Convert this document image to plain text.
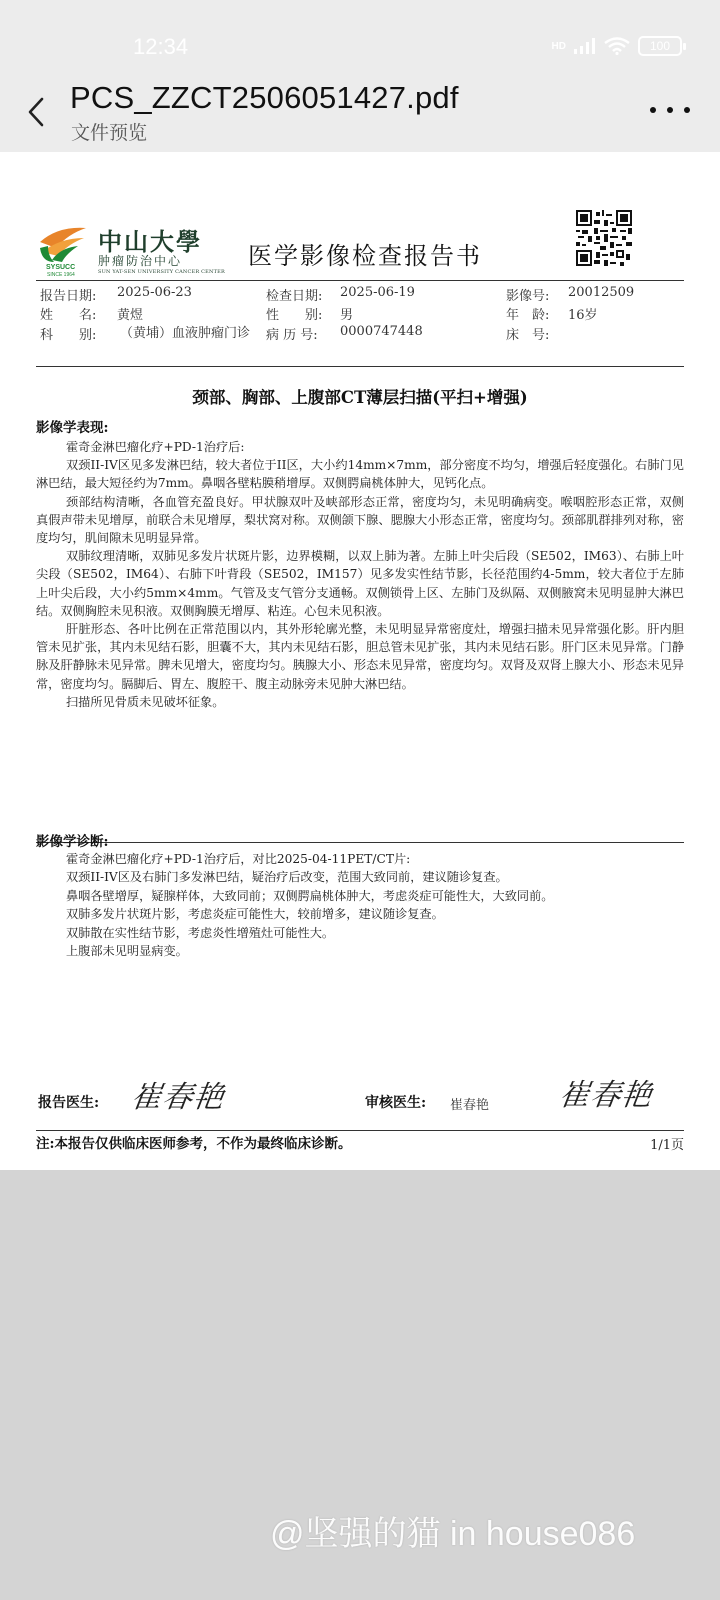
12:34	HD	100
PCS_ZZCT2506051427.pdf
文件预览
SYSUCC
SINCE 1964
中山大學
肿瘤防治中心
SUN YAT-SEN UNIVERSITY CANCER CENTER
医学影像检查报告书
报告日期: 2025-06-23	检查日期: 2025-06-19	影像号: 20012509
姓　　名: 黄煜	性　　别: 男	年　龄: 16岁
科　　别: （黄埔）血液肿瘤门诊	病 历 号: 0000747448	床　号:
颈部、胸部、上腹部CT薄层扫描(平扫+增强)
影像学表现:

霍奇金淋巴瘤化疗+PD-1治疗后:

双颈II-IV区见多发淋巴结，较大者位于II区，大小约14mm×7mm，部分密度不均匀，增强后轻度强化。右肺门见淋巴结，最大短径约为7mm。鼻咽各壁粘膜稍增厚。双侧腭扁桃体肿大，见钙化点。

颈部结构清晰，各血管充盈良好。甲状腺双叶及峡部形态正常，密度均匀，未见明确病变。喉咽腔形态正常，双侧真假声带未见增厚，前联合未见增厚，梨状窝对称。双侧颌下腺、腮腺大小形态正常，密度均匀。颈部肌群排列对称，密度均匀，肌间隙未见明显异常。

双肺纹理清晰，双肺见多发片状斑片影，边界模糊，以双上肺为著。左肺上叶尖后段（SE502，IM63）、右肺上叶尖段（SE502，IM64）、右肺下叶背段（SE502，IM157）见多发实性结节影，长径范围约4-5mm，较大者位于左肺上叶尖后段，大小约5mm×4mm。气管及支气管分支通畅。双侧锁骨上区、左肺门及纵隔、双侧腋窝未见明显肿大淋巴结。双侧胸腔未见积液。双侧胸膜无增厚、粘连。心包未见积液。

肝脏形态、各叶比例在正常范围以内，其外形轮廓光整，未见明显异常密度灶，增强扫描未见异常强化影。肝内胆管未见扩张，其内未见结石影，胆囊不大，其内未见结石影，胆总管未见扩张，其内未见结石影。肝门区未见异常。门静脉及肝静脉未见异常。脾未见增大，密度均匀。胰腺大小、形态未见异常，密度均匀。双肾及双肾上腺大小、形态未见异常，密度均匀。膈脚后、胃左、腹腔干、腹主动脉旁未见肿大淋巴结。

扫描所见骨质未见破坏征象。

影像学诊断:
霍奇金淋巴瘤化疗+PD-1治疗后，对比2025-04-11PET/CT片:
双颈II-IV区及右肺门多发淋巴结，疑治疗后改变，范围大致同前，建议随诊复查。
鼻咽各壁增厚，疑腺样体，大致同前；双侧腭扁桃体肿大，考虑炎症可能性大，大致同前。
双肺多发片状斑片影，考虑炎症可能性大，较前增多，建议随诊复查。
双肺散在实性结节影，考虑炎性增殖灶可能性大。
上腹部未见明显病变。
报告医生: 崔春艳	审核医生: 崔春艳 崔春艳
注:本报告仅供临床医师参考，不作为最终临床诊断。	1/1页
@坚强的猫 in house086
